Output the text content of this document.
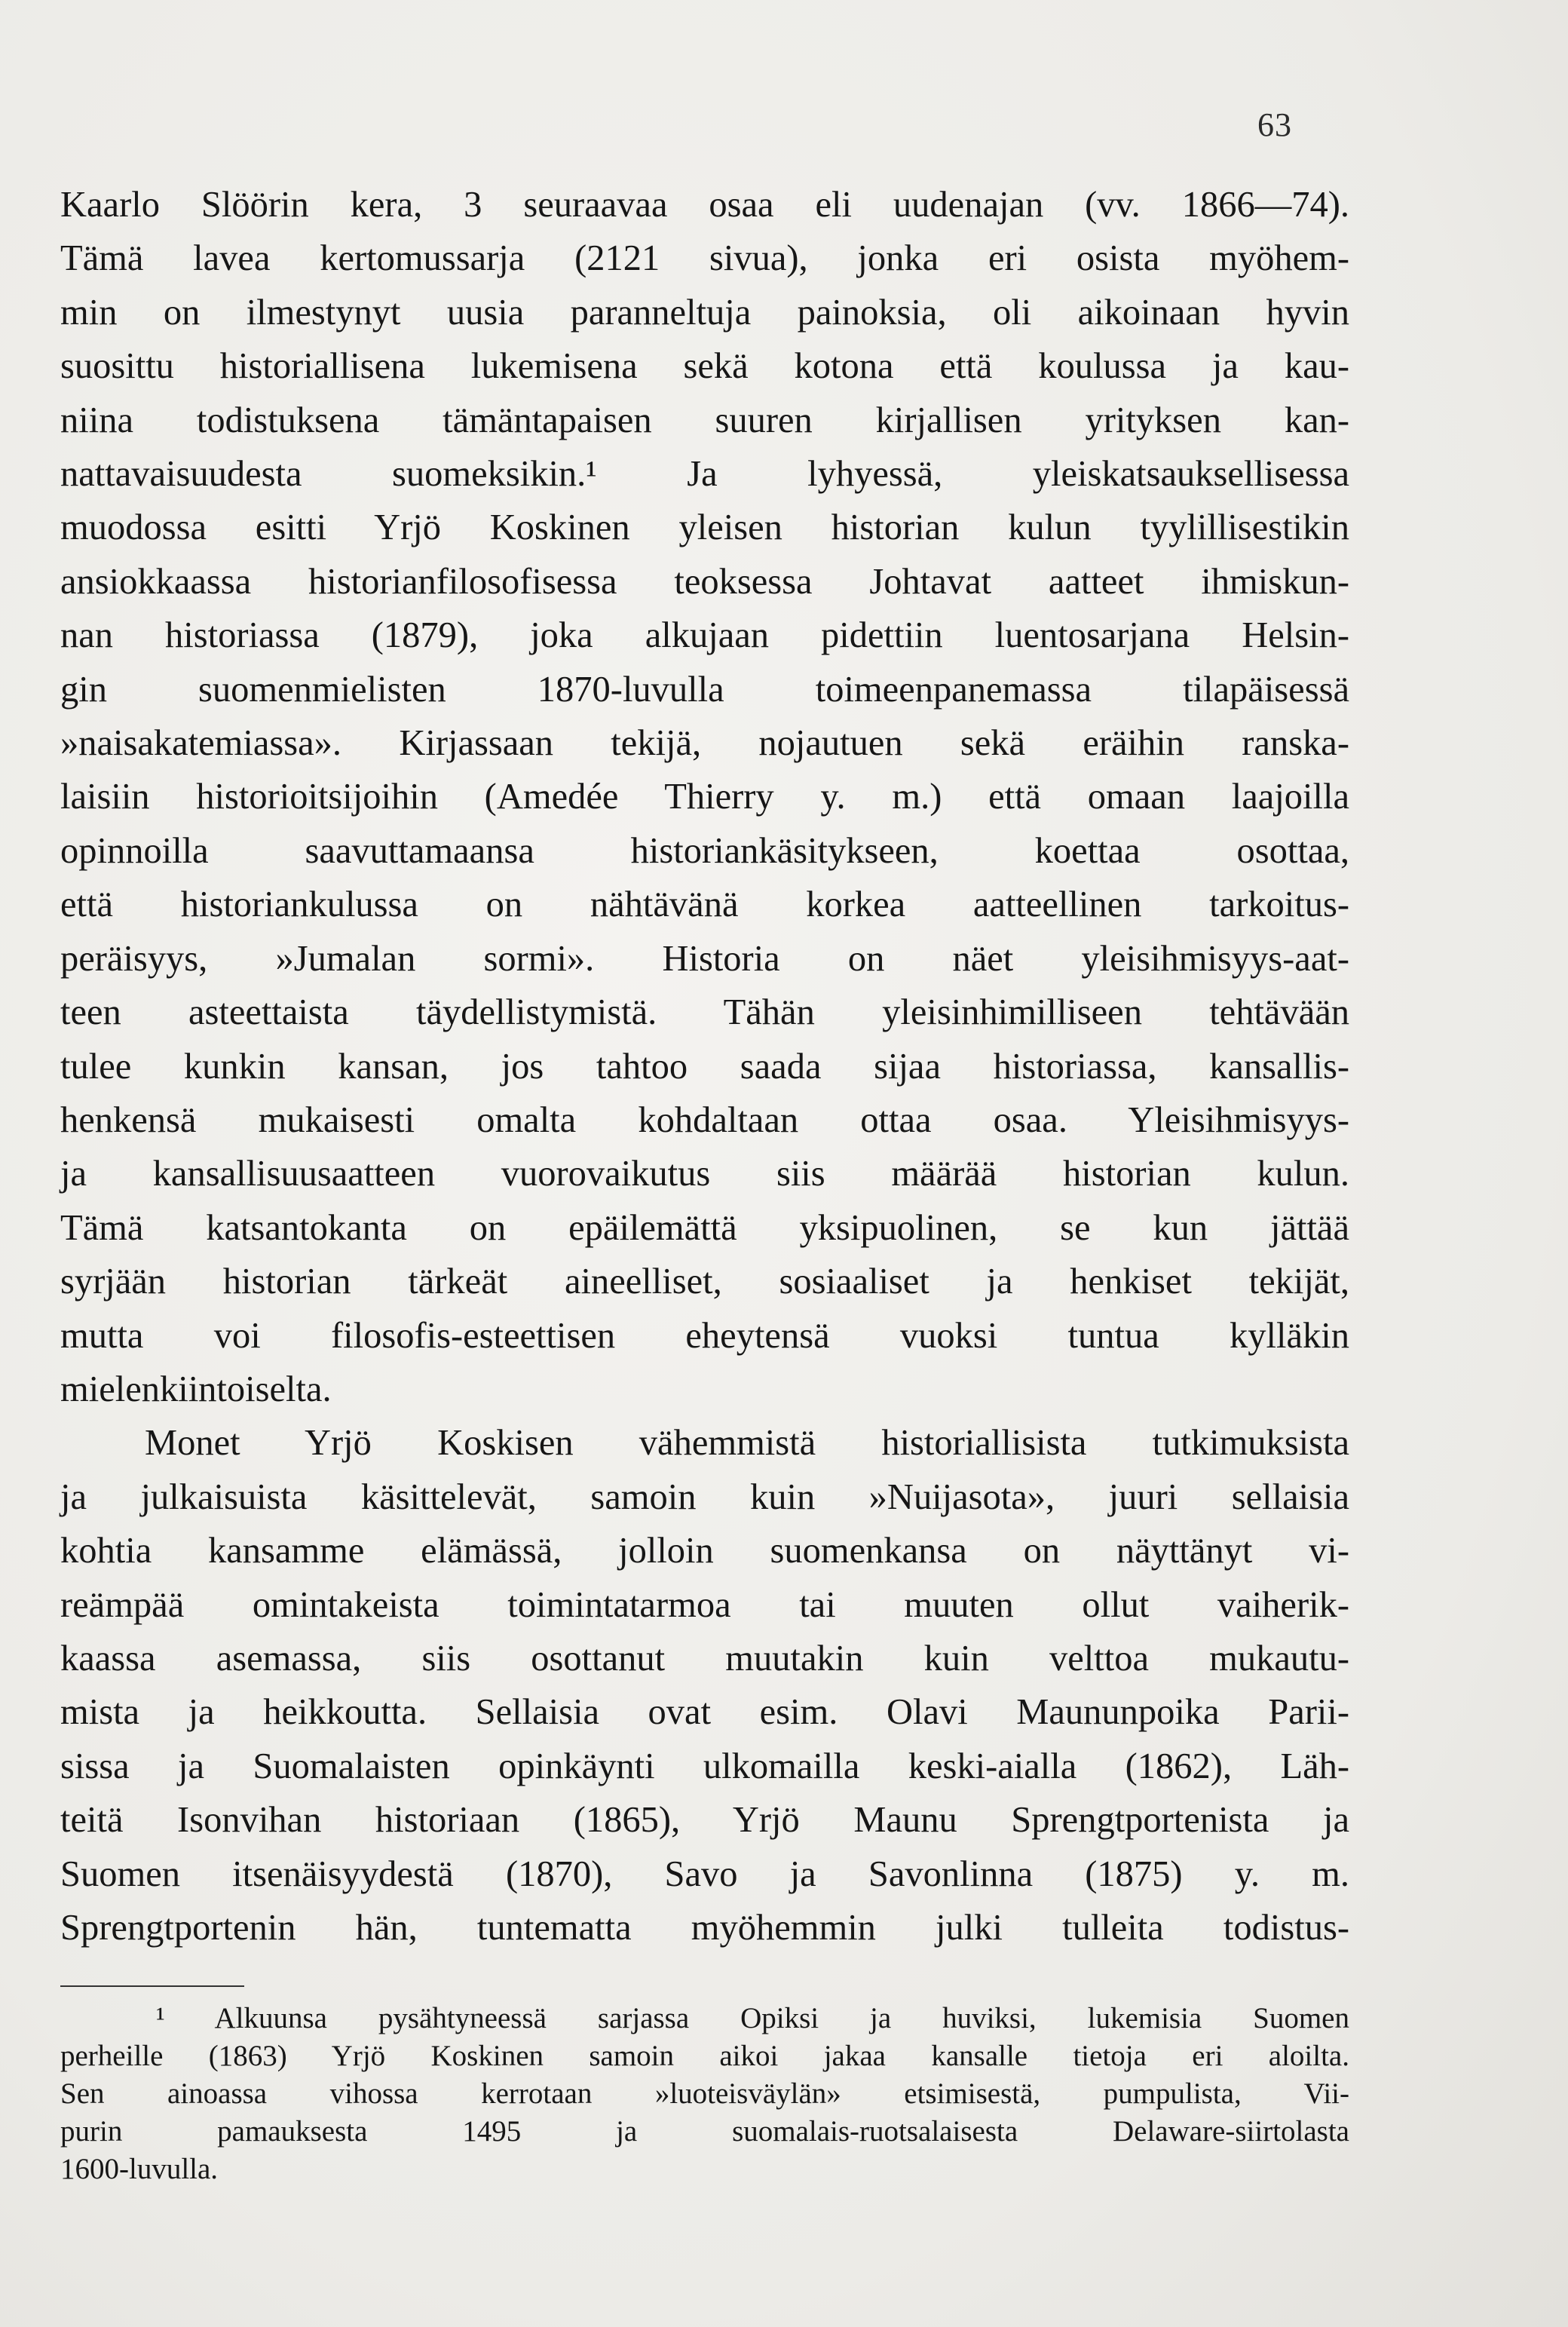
63
Kaarlo Slöörin kera, 3 seuraavaa osaa eli uudenajan (vv. 1866—74).
Tämä lavea kertomussarja (2121 sivua), jonka eri osista myöhem-
min on ilmestynyt uusia paranneltuja painoksia, oli aikoinaan hyvin
suosittu historiallisena lukemisena sekä kotona että koulussa ja kau-
niina todistuksena tämäntapaisen suuren kirjallisen yrityksen kan-
nattavaisuudesta suomeksikin.¹ Ja lyhyessä, yleiskatsauksellisessa
muodossa esitti Yrjö Koskinen yleisen historian kulun tyylillisestikin
ansiokkaassa historianfilosofisessa teoksessa Johtavat aatteet ihmiskun-
nan historiassa (1879), joka alkujaan pidettiin luentosarjana Helsin-
gin suomenmielisten 1870-luvulla toimeenpanemassa tilapäisessä
»naisakatemiassa». Kirjassaan tekijä, nojautuen sekä eräihin ranska-
laisiin historioitsijoihin (Amedée Thierry y. m.) että omaan laajoilla
opinnoilla saavuttamaansa historiankäsitykseen, koettaa osottaa,
että historiankulussa on nähtävänä korkea aatteellinen tarkoitus-
peräisyys, »Jumalan sormi». Historia on näet yleisihmisyys-aat-
teen asteettaista täydellistymistä. Tähän yleisinhimilliseen tehtävään
tulee kunkin kansan, jos tahtoo saada sijaa historiassa, kansallis-
henkensä mukaisesti omalta kohdaltaan ottaa osaa. Yleisihmisyys-
ja kansallisuusaatteen vuorovaikutus siis määrää historian kulun.
Tämä katsantokanta on epäilemättä yksipuolinen, se kun jättää
syrjään historian tärkeät aineelliset, sosiaaliset ja henkiset tekijät,
mutta voi filosofis-esteettisen eheytensä vuoksi tuntua kylläkin
mielenkiintoiselta.
Monet Yrjö Koskisen vähemmistä historiallisista tutkimuksista
ja julkaisuista käsittelevät, samoin kuin »Nuijasota», juuri sellaisia
kohtia kansamme elämässä, jolloin suomenkansa on näyttänyt vi-
reämpää omintakeista toimintatarmoa tai muuten ollut vaiherik-
kaassa asemassa, siis osottanut muutakin kuin velttoa mukautu-
mista ja heikkoutta. Sellaisia ovat esim. Olavi Maununpoika Parii-
sissa ja Suomalaisten opinkäynti ulkomailla keski-aialla (1862), Läh-
teitä Isonvihan historiaan (1865), Yrjö Maunu Sprengtportenista ja
Suomen itsenäisyydestä (1870), Savo ja Savonlinna (1875) y. m.
Sprengtportenin hän, tuntematta myöhemmin julki tulleita todistus-
¹ Alkuunsa pysähtyneessä sarjassa Opiksi ja huviksi, lukemisia Suomen
perheille (1863) Yrjö Koskinen samoin aikoi jakaa kansalle tietoja eri aloilta.
Sen ainoassa vihossa kerrotaan »luoteisväylän» etsimisestä, pumpulista, Vii-
purin pamauksesta 1495 ja suomalais-ruotsalaisesta Delaware-siirtolasta
1600-luvulla.
